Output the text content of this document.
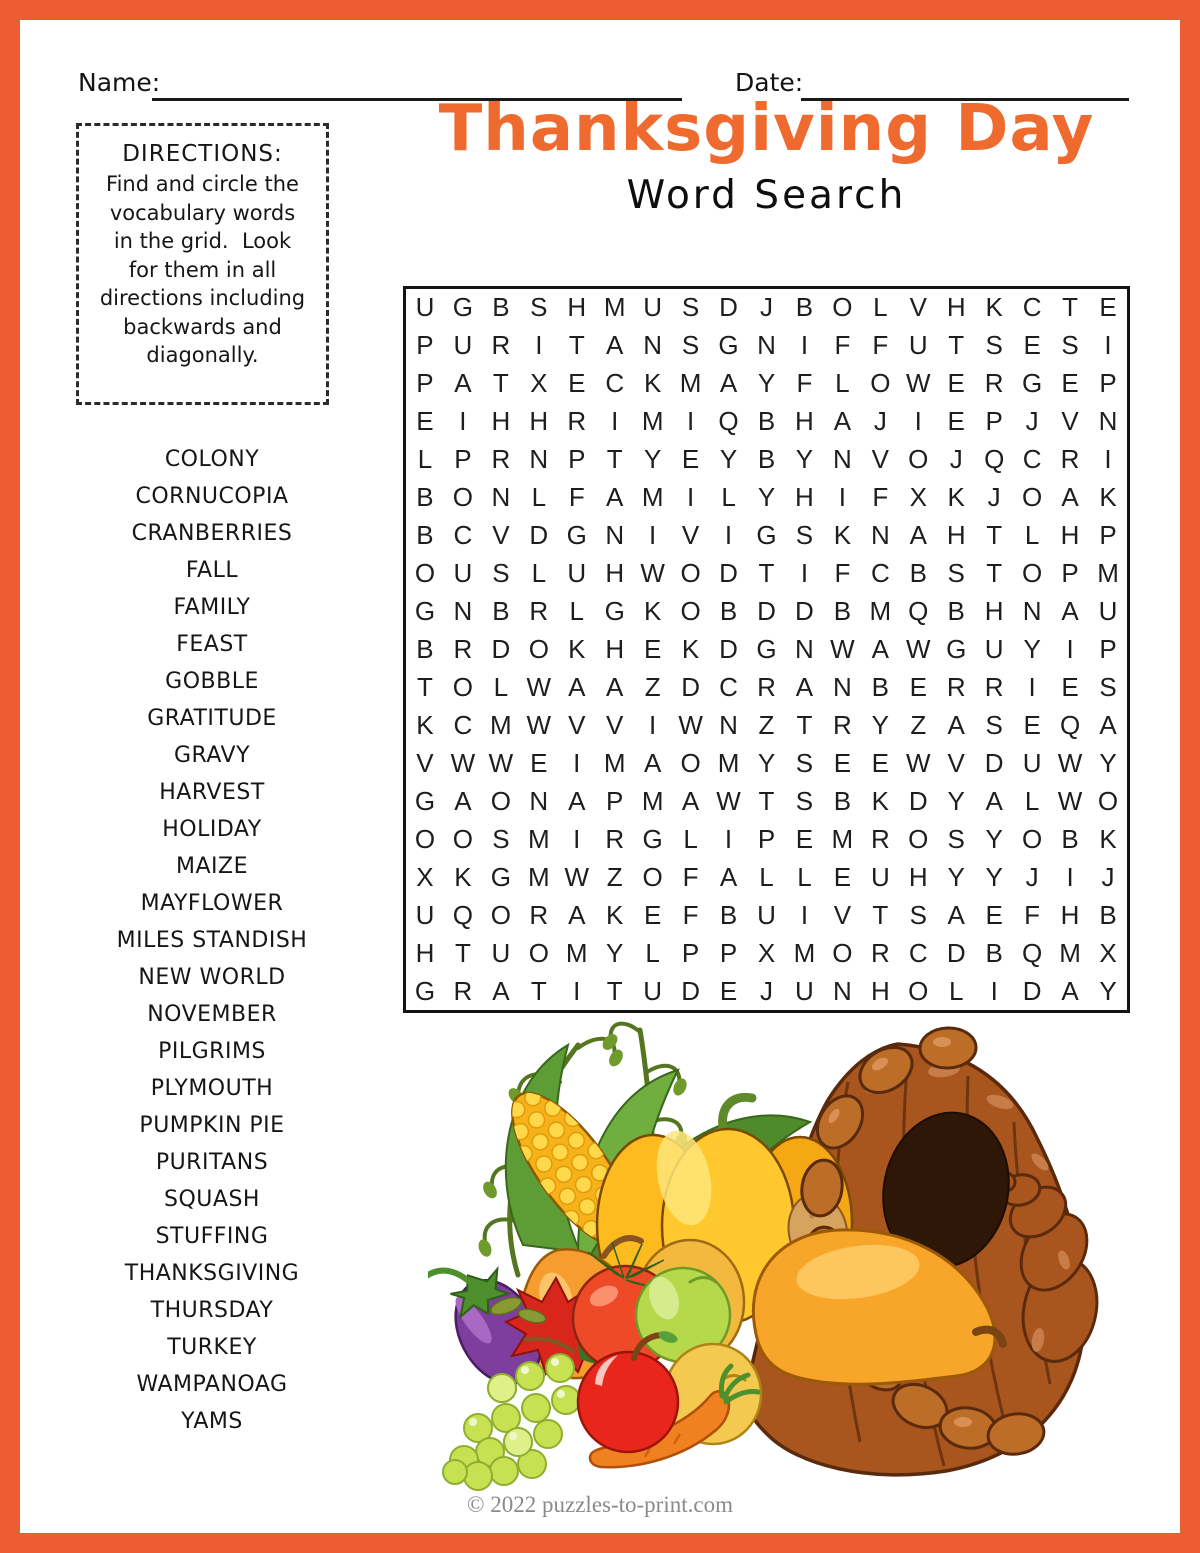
Name:	Date:
DIRECTIONS:
Find and circle the
vocabulary words
in the grid.  Look
for them in all
directions including
backwards and
diagonally.
Thanksgiving Day
Word Search
U G B S H M U S D J B O L V H K C T E
P U R I	T A N S G N I	F F U T S E S I
P A T X E C K M A Y F L O W E R G E P
E I H H R I M I Q B H A J	I E P J V N
L P R N P T Y E Y B Y N V O J Q C R I
B O N L F A M I	L Y H I	F X K J O A K
B C V D G N I V I G S K N A H T L H P
O U S L U H W O D T	I	F C B S T O P M
G N B R L G K O B D D B M Q B H N A U
B R D O K H E K D G N W A W G U Y I P
T O L W A A Z D C R A N B E R R I E S
K C M W V V I W N Z T R Y Z A S E Q A
V W W E I M A O M Y S E E W V D U W Y
G A O N A P M A W T S B K D Y A L W O
O O S M I R G L	I P E M R O S Y O B K
X K G M W Z O F A L L E U H Y Y J	I	J
U Q O R A K E F B U I V T S A E F H B
H T U O M Y L P P X M O R C D B Q M X
G R A T	I	T U D E J U N H O L	I D A Y
COLONY
CORNUCOPIA
CRANBERRIES
FALL
FAMILY
FEAST
GOBBLE
GRATITUDE
GRAVY
HARVEST
HOLIDAY
MAIZE
MAYFLOWER
MILES STANDISH
NEW WORLD
NOVEMBER
PILGRIMS
PLYMOUTH
PUMPKIN PIE
PURITANS
SQUASH
STUFFING
THANKSGIVING
THURSDAY
TURKEY
WAMPANOAG
YAMS
© 2022 puzzles-to-print.com
